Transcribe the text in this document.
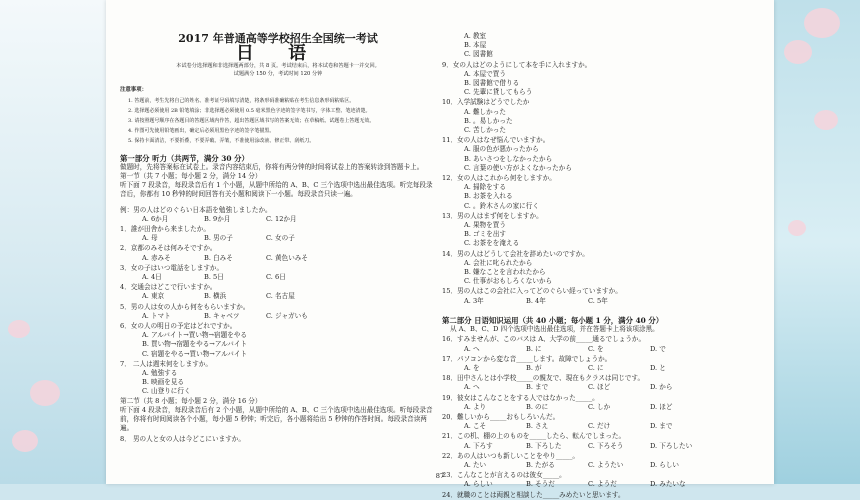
2017 年普通高等学校招生全国统一考试
日 语
本试卷分选择题和非选择题两部分，共 8 页。考试结束后，将本试卷和答题卡一并交回。
试题满分 150 分，考试时间 120 分钟
注意事项：
1. 答题前，考生先将自己的姓名、准考证号码填写清楚，将条形码准确粘贴在考生信息条形码粘贴区。
2. 选择题必须使用 2B 铅笔填涂；非选择题必须使用 0.5 毫米黑色字迹的签字笔书写，字体工整、笔迹清楚。
3. 请按照题号顺序在各题目的答题区域内作答，超出答题区域书写的答案无效；在草稿纸、试题卷上答题无效。
4. 作图可先使用铅笔画出，确定后必须用黑色字迹的签字笔描黑。
5. 保持卡面清洁，不要折叠，不要弄破、弄皱，不准使用涂改液、修正带、刮纸刀。
第一部分 听力（共两节，满分 30 分）
做题时，先将答案标在试卷上。录音内容结束后，你将有两分钟的时间将试卷上的答案转涂到答题卡上。
第一节（共 7 小题；每小题 2 分，满分 14 分）
听下面 7 段录音，每段录音后有 1 个小题，从题中所给的 A、B、C 三个选项中选出最佳选项。听完每段录音后，你都有 10 秒钟的时间回答有关小题和阅读下一小题。每段录音只读一遍。
例：男の人はどのぐらい日本語を勉強しましたか。
A. 6か月	B. 9か月	C. 12か月
1．誰が田舎から来ましたか。
A. 母	B. 男の子	C. 女の子
2．京都のみそは何みそですか。
A. 赤みそ	B. 白みそ	C. 黄色いみそ
3．女の子はいつ電話をしますか。
A. 4日	B. 5日	C. 6日
4．交通会はどこで行いますか。
A. 東京	B. 横浜	C. 名古屋
5．男の人は女の人から何をもらいますか。
A. トマト	B. キャベツ	C. ジャガいも
6．女の人の明日の予定はどれですか。
A. アルバイト→買い物→宿題をやる
B. 買い物→宿題をやる→アルバイト
C. 宿題をやる→買い物→アルバイト
7． 二人は週末何をしますか。
A. 勉強する
B. 映画を見る
C. 山登りに行く
第二节（共 8 小题；每小题 2 分，满分 16 分）
听下面 4 段录音，每段录音后有 2 个小题，从题中所给的 A、B、C 三个选项中选出最佳选项。听每段录音前，你将有时间阅读各个小题，每小题 5 秒钟；听完后，各小题将给出 5 秒钟的作答时间。每段录音读两遍。
8． 男の人と女の人は今どこにいますか。
A. 教室
B. 本屋
C. 図書館
9．女の人はどのようにして本を手に入れますか。
A. 本屋で買う
B. 図書館で借りる
C. 先輩に貸してもらう
10．入学試験はどうでしたか
A. 難しかった
B. 。易しかった
C. 苦しかった
11．女の人はなぜ悩んでいますか。
A. 服の色が悪かったから
B. あいさつをしなかったから
C. 言葉の使い方がよくなかったから
12．女の人はこれから何をしますか。
A. 掃除をする
B. お茶を入れる
C. 。鈴木さんの家に行く
13．男の人はまず何をしますか。
A. 果物を買う
B. ゴミを出す
C. お茶をを淹える
14．男の人はどうして会社を辞めたいのですか。
A. 会社に叱られたから
B. 嫌なことを言われたから
C. 仕事がおもしろくないから
15．男の人はこの会社に入ってどのぐらい経っていますか。
A. 3年	B. 4年	C. 5年
第二部分 日语知识运用（共 40 小题；每小题 1 分，满分 40 分）
从 A、B、C、D 四个选项中选出最佳选项，并在答题卡上将该项涂黑。
16．すみませんが、このバスは A、大学の前_____通るでしょうか。
A. へ	B. に	C. を	D. で
17．パソコンから変な音_____します。故障でしょうか。
A. を	B. が	C. に	D. と
18．田中さんとは小学校_____の親友で、現在もクラスは同じです。
A. へ	B. まで	C. ほど	D. から
19．彼女はこんなことをする人ではなかった_____。
A. より	B. のに	C. しか	D. ほど
20．難しいから_____おもしろいんだ。
A. こそ	B. さえ	C. だけ	D. まで
21．この机、棚の上のものを_____したら、転んでしまった。
A. 下ろす	B. 下ろした	C. 下ろそう	D. 下ろしたい
22．あの人はいつも新しいことをやり_____。
A. たい	B. たがる	C. ようたい	D. らしい
23．こんなことが言えるのは彼女_____。
A. らしい	B. そうだ	C. ようだ	D. みたいな
24．就職のことは両親と相談した_____みめたいと思います。
87
